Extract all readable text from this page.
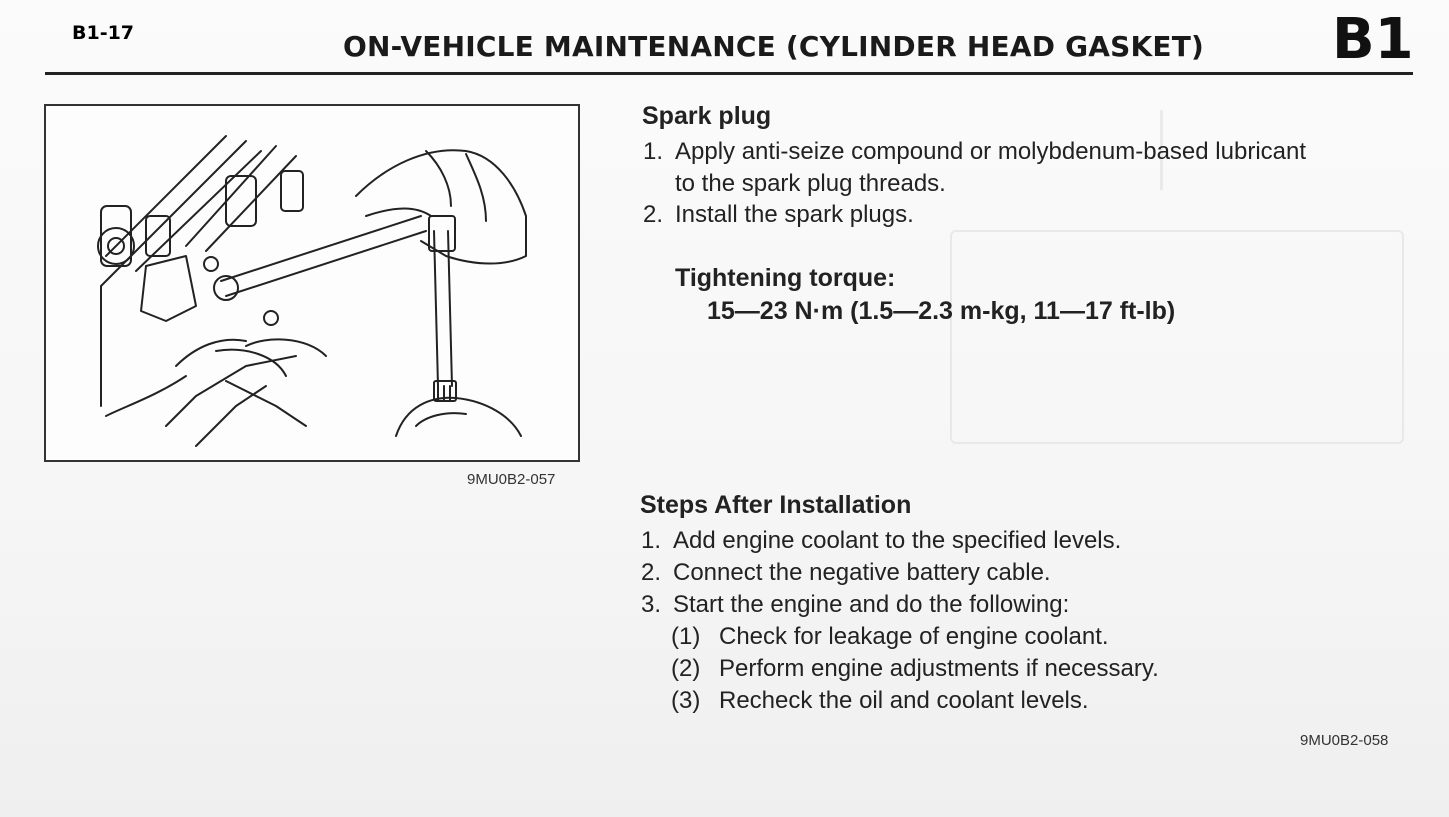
B1-17	ON-VEHICLE MAINTENANCE (CYLINDER HEAD GASKET) B1
9MU0B2-057
Spark plug
1. Apply anti-seize compound or molybdenum-based lubricant
to the spark plug threads.
2. Install the spark plugs.
Tightening torque:
15—23 N·m (1.5—2.3 m-kg, 11—17 ft-lb)
Steps After Installation
1. Add engine coolant to the specified levels.
2. Connect the negative battery cable.
3. Start the engine and do the following:
(1) Check for leakage of engine coolant.
(2) Perform engine adjustments if necessary.
(3) Recheck the oil and coolant levels.
9MU0B2-058
